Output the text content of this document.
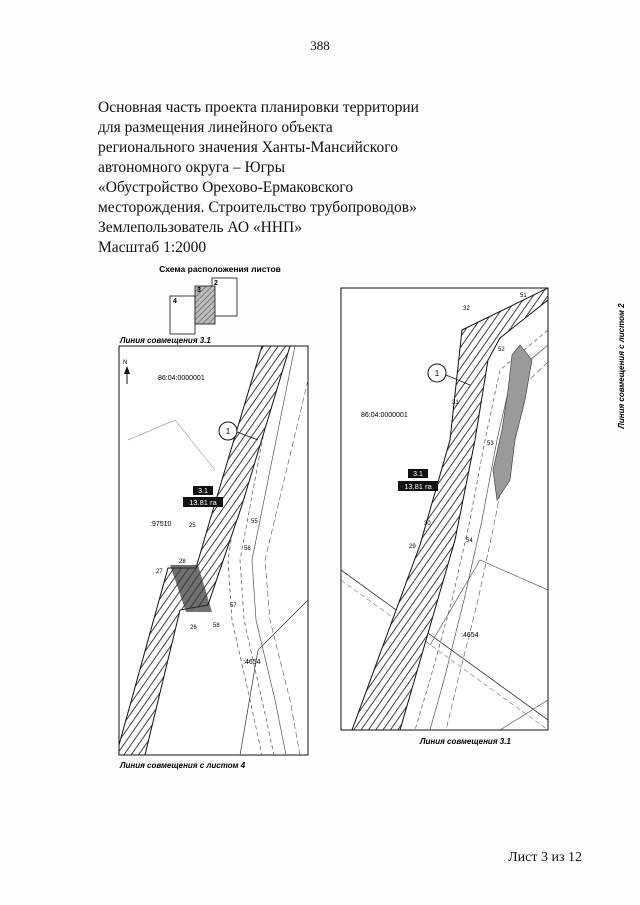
388
Основная часть проекта планировки территории
для размещения линейного объекта
регионального значения Ханты-Мансийского
автономного округа – Югры
«Обустройство Орехово-Ермаковского
месторождения. Строительство трубопроводов»
Землепользователь АО «ННП»
Масштаб 1:2000
Схема расположения листов
2
3
4
Линия совмещения 3.1
N
86:04:0000001
1
3.1
13.81 га
:97510
:4654
25
56
55
28
27
26
57
58
Линия совмещения с листом 4
1
86:04:0000001
3.1
13.81 га
:4654
32
52
51
31
53
30
54
29
Линия совмещения с листом 2
Линия совмещения 3.1
Лист 3 из 12
